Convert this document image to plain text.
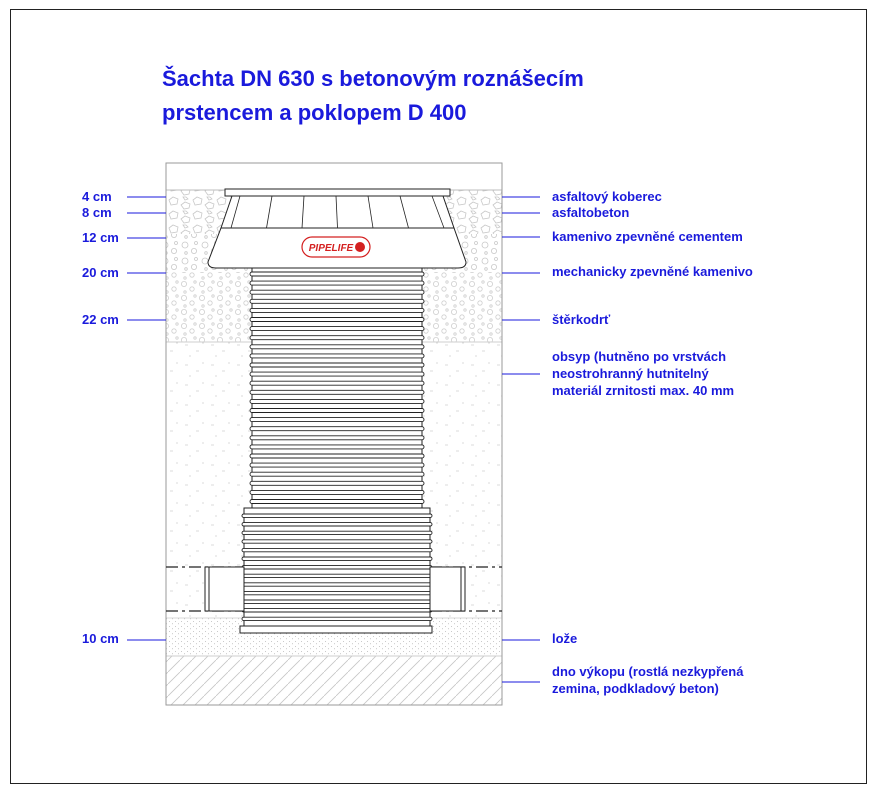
Šachta DN 630 s betonovým roznášecím
prstencem a poklopem D 400
PIPELIFE
4 cm
8 cm
12 cm
20 cm
22 cm
10 cm
asfaltový koberec
asfaltobeton
kamenivo zpevněné cementem
mechanicky zpevněné kamenivo
štěrkodrť
obsyp (hutněno po vrstvách
neostrohranný hutnitelný
materiál zrnitosti max. 40 mm
lože
dno výkopu (rostlá nezkypřená
zemina, podkladový beton)
